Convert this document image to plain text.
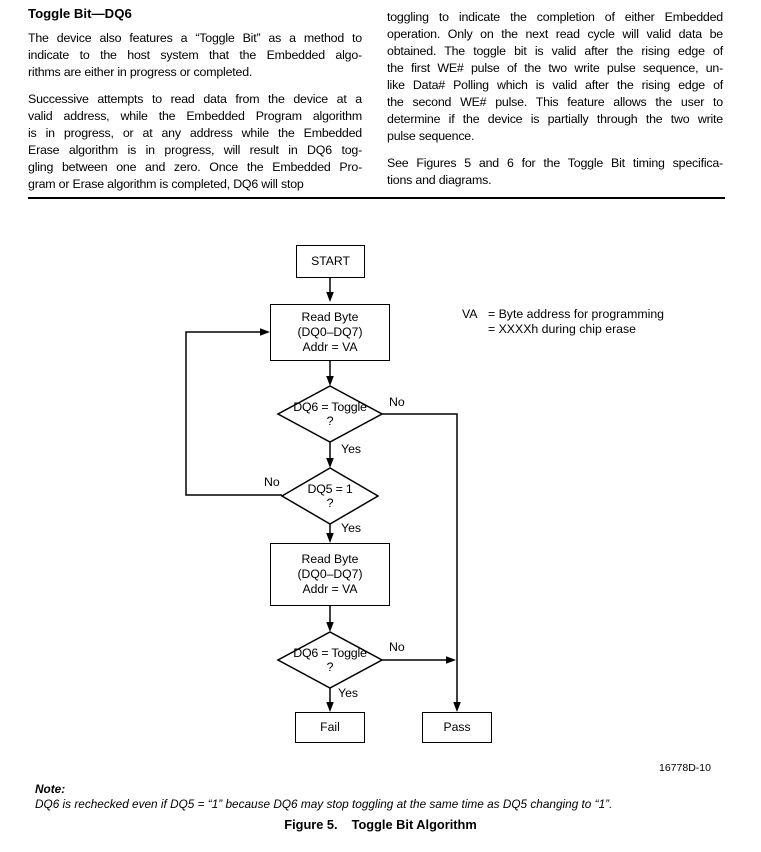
Toggle Bit—DQ6
The device also features a “Toggle Bit” as a method to
indicate to the host system that the Embedded algo-
rithms are either in progress or completed.
Successive attempts to read data from the device at a
valid address, while the Embedded Program algorithm
is in progress, or at any address while the Embedded
Erase algorithm is in progress, will result in DQ6 tog-
gling between one and zero. Once the Embedded Pro-
gram or Erase algorithm is completed, DQ6 will stop
toggling to indicate the completion of either Embedded
operation. Only on the next read cycle will valid data be
obtained. The toggle bit is valid after the rising edge of
the first WE# pulse of the two write pulse sequence, un-
like Data# Polling which is valid after the rising edge of
the second WE# pulse. This feature allows the user to
determine if the device is partially through the two write
pulse sequence.
See Figures 5 and 6 for the Toggle Bit timing specifica-
tions and diagrams.
START
Read Byte
(DQ0–DQ7)
Addr = VA
Read Byte
(DQ0–DQ7)
Addr = VA
Fail	Pass
DQ6 = Toggle
?
DQ5 = 1
?
DQ6 = Toggle
?
No
Yes
No
Yes
No
Yes
VA = Byte address for programming
= XXXXh during chip erase
16778D-10
Note:
DQ6 is rechecked even if DQ5 = “1” because DQ6 may stop toggling at the same time as DQ5 changing to “1”.
Figure 5. Toggle Bit Algorithm
